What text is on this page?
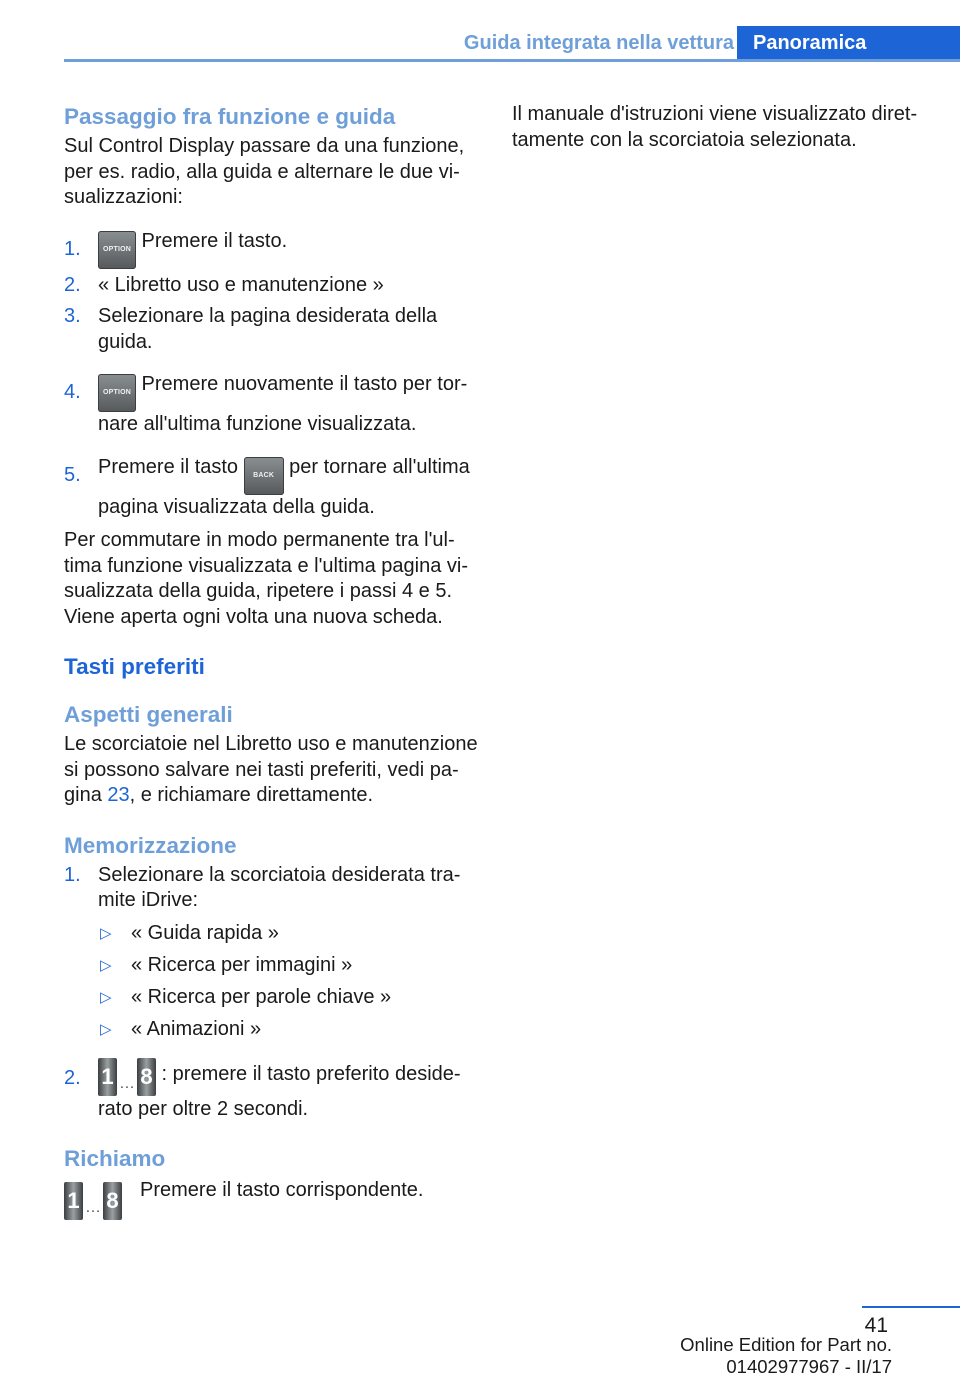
Guida integrata nella vettura Panoramica
Passaggio fra funzione e guida

Sul Control Display passare da una funzione, per es. radio, alla guida e alternare le due vi-sualizzazioni:

1.	OPTION Premere il tasto.
2. « Libretto uso e manutenzione »
3. Selezionare la pagina desiderata della guida.
4.	OPTION Premere nuovamente il tasto per tor-nare all'ultima funzione visualizzata.
5. Premere il tasto BACK per tornare all'ultima pagina visualizzata della guida.

Per commutare in modo permanente tra l'ul-tima funzione visualizzata e l'ultima pagina vi-sualizzata della guida, ripetere i passi 4 e 5. Viene aperta ogni volta una nuova scheda.

Tasti preferiti
Aspetti generali

Le scorciatoie nel Libretto uso e manutenzione si possono salvare nei tasti preferiti, vedi pa-gina 23, e richiamare direttamente.

Memorizzazione
1. Selezionare la scorciatoia desiderata tra-mite iDrive:
▷ « Guida rapida »
▷ « Ricerca per immagini »
▷ « Ricerca per parole chiave »
▷ « Animazioni »
2. 1 … 8 : premere il tasto preferito deside-rato per oltre 2 secondi.
Richiamo
1 … 8 Premere il tasto corrispondente.

Il manuale d'istruzioni viene visualizzato diret-tamente con la scorciatoia selezionata.

41
Online Edition for Part no. 01402977967 - II/17
